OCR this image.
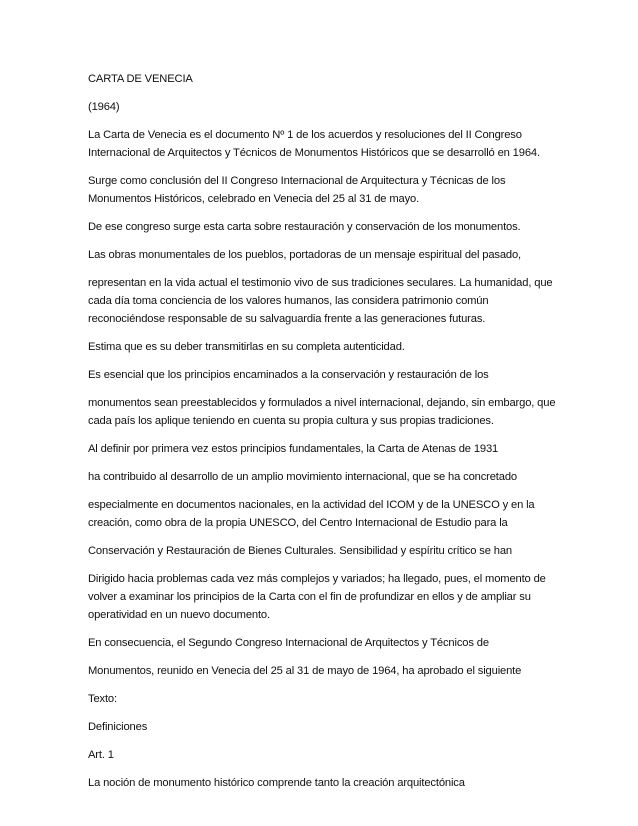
CARTA DE VENECIA

(1964)

La Carta de Venecia es el documento Nº 1 de los acuerdos y resoluciones del II Congreso Internacional de Arquitectos y Técnicos de Monumentos Históricos que se desarrolló en 1964.

Surge como conclusión del II Congreso Internacional de Arquitectura y Técnicas de los Monumentos Históricos, celebrado en Venecia del 25 al 31 de mayo.

De ese congreso surge esta carta sobre restauración y conservación de los monumentos.

Las obras monumentales de los pueblos, portadoras de un mensaje espiritual del pasado,

representan en la vida actual el testimonio vivo de sus tradiciones seculares. La humanidad, que cada día toma conciencia de los valores humanos, las considera patrimonio común reconociéndose responsable de su salvaguardia frente a las generaciones futuras.

Estima que es su deber transmitirlas en su completa autenticidad.

Es esencial que los principios encaminados a la conservación y restauración de los

monumentos sean preestablecidos y formulados a nivel internacional, dejando, sin embargo, que cada país los aplique teniendo en cuenta su propia cultura y sus propias tradiciones.

Al definir por primera vez estos principios fundamentales, la Carta de Atenas de 1931

ha contribuido al desarrollo de un amplio movimiento internacional, que se ha concretado

especialmente en documentos nacionales, en la actividad del ICOM y de la UNESCO y en la creación, como obra de la propia UNESCO, del Centro Internacional de Estudio para la

Conservación y Restauración de Bienes Culturales. Sensibilidad y espíritu crítico se han

Dirigido hacia problemas cada vez más complejos y variados; ha llegado, pues, el momento de volver a examinar los principios de la Carta con el fin de profundizar en ellos y de ampliar su operatividad en un nuevo documento.

En consecuencia, el Segundo Congreso Internacional de Arquitectos y Técnicos de

Monumentos, reunido en Venecia del 25 al 31 de mayo de 1964, ha aprobado el siguiente

Texto:

Definiciones

Art. 1

La noción de monumento histórico comprende tanto la creación arquitectónica
